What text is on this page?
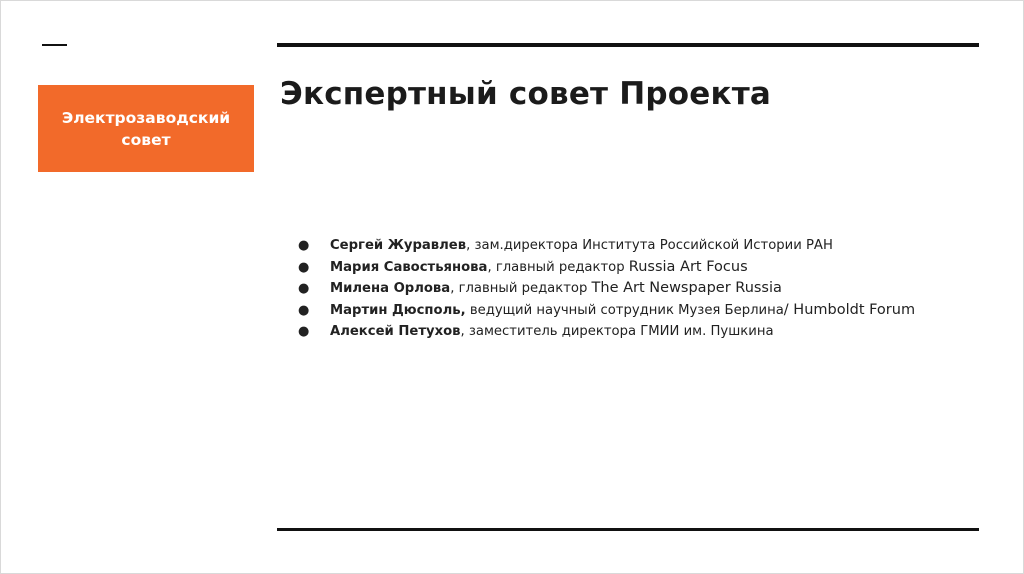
Электрозаводский совет
Экспертный совет Проекта
●	Сергей Журавлев, зам.директора Института Российской Истории РАН
●	Мария Савостьянова, главный редактор Russia Art Focus
●	Милена Орлова, главный редактор The Art Newspaper Russia
●	Мартин Дюсполь, ведущий научный сотрудник Музея Берлина/ Humboldt Forum
●	Алексей Петухов, заместитель директора ГМИИ им. Пушкина
